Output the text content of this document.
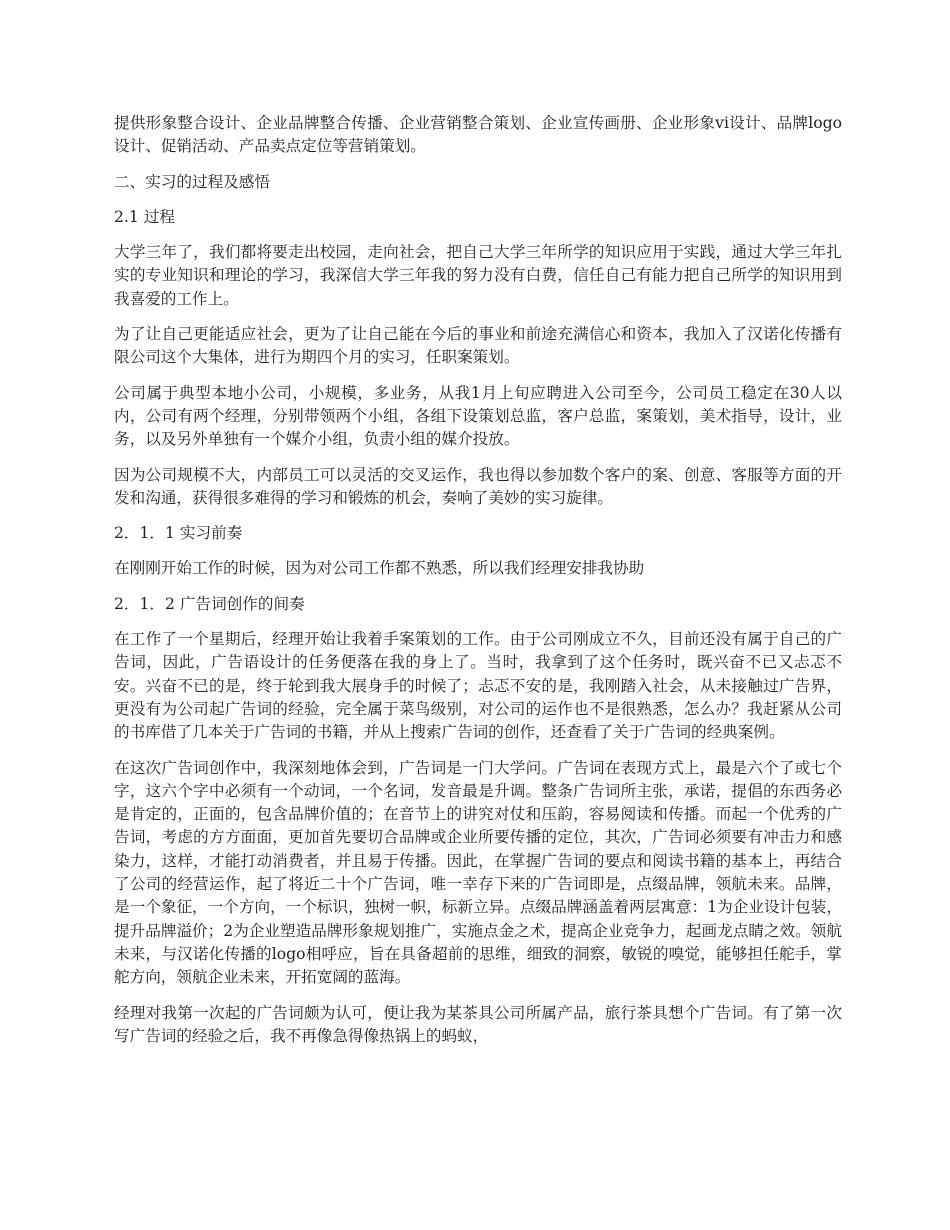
提供形象整合设计、企业品牌整合传播、企业营销整合策划、企业宣传画册、企业形象vi设计、品牌logo设计、促销活动、产品卖点定位等营销策划。

二、实习的过程及感悟

2.1 过程

大学三年了，我们都将要走出校园，走向社会，把自己大学三年所学的知识应用于实践，通过大学三年扎实的专业知识和理论的学习，我深信大学三年我的努力没有白费，信任自己有能力把自己所学的知识用到我喜爱的工作上。

为了让自己更能适应社会，更为了让自己能在今后的事业和前途充满信心和资本，我加入了汉诺化传播有限公司这个大集体，进行为期四个月的实习，任职案策划。

公司属于典型本地小公司，小规模，多业务，从我1月上旬应聘进入公司至今，公司员工稳定在30人以内，公司有两个经理，分别带领两个小组，各组下设策划总监，客户总监，案策划，美术指导，设计，业务，以及另外单独有一个媒介小组，负责小组的媒介投放。

因为公司规模不大，内部员工可以灵活的交叉运作，我也得以参加数个客户的案、创意、客服等方面的开发和沟通，获得很多难得的学习和锻炼的机会，奏响了美妙的实习旋律。

2．1．1 实习前奏

在刚刚开始工作的时候，因为对公司工作都不熟悉，所以我们经理安排我协助

2．1．2 广告词创作的间奏

在工作了一个星期后，经理开始让我着手案策划的工作。由于公司刚成立不久，目前还没有属于自己的广告词，因此，广告语设计的任务便落在我的身上了。当时，我拿到了这个任务时，既兴奋不已又忐忑不安。兴奋不已的是，终于轮到我大展身手的时候了；忐忑不安的是，我刚踏入社会，从未接触过广告界，更没有为公司起广告词的经验，完全属于菜鸟级别，对公司的运作也不是很熟悉，怎么办？我赶紧从公司的书库借了几本关于广告词的书籍，并从上搜索广告词的创作，还查看了关于广告词的经典案例。

在这次广告词创作中，我深刻地体会到，广告词是一门大学问。广告词在表现方式上，最是六个了或七个字，这六个字中必须有一个动词，一个名词，发音最是升调。整条广告词所主张，承诺，提倡的东西务必是肯定的，正面的，包含品牌价值的；在音节上的讲究对仗和压韵，容易阅读和传播。而起一个优秀的广告词，考虑的方方面面，更加首先要切合品牌或企业所要传播的定位，其次，广告词必须要有冲击力和感染力，这样，才能打动消费者，并且易于传播。因此，在掌握广告词的要点和阅读书籍的基本上，再结合了公司的经营运作，起了将近二十个广告词，唯一幸存下来的广告词即是，点缀品牌，领航未来。品牌，是一个象征，一个方向，一个标识，独树一帜，标新立异。点缀品牌涵盖着两层寓意：1为企业设计包装，提升品牌溢价；2为企业塑造品牌形象规划推广，实施点金之术，提高企业竞争力，起画龙点睛之效。领航未来，与汉诺化传播的logo相呼应，旨在具备超前的思维，细致的洞察，敏锐的嗅觉，能够担任舵手，掌舵方向，领航企业未来，开拓宽阔的蓝海。

经理对我第一次起的广告词颇为认可，便让我为某茶具公司所属产品，旅行茶具想个广告词。有了第一次写广告词的经验之后，我不再像急得像热锅上的蚂蚁，
